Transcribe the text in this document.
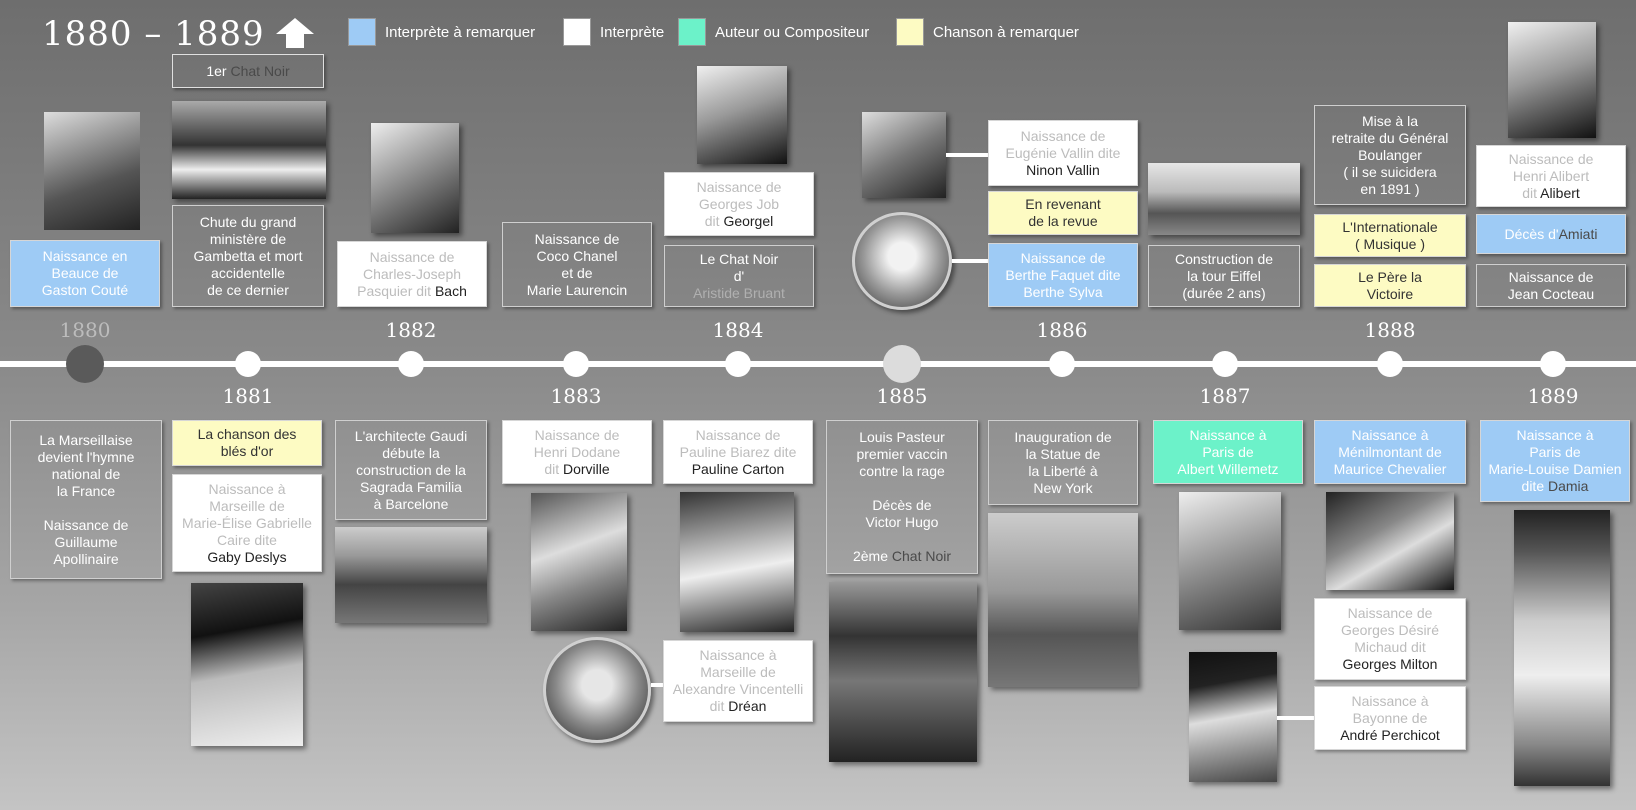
1880 – 1889	Interprète à remarquer	Interprète	Auteur ou Compositeur	Chanson à remarquer
Naissance en
Beauce de
Gaston Couté
1er Chat Noir
Chute du grand
ministère de
Gambetta et mort
accidentelle
de ce dernier
Naissance de
Charles-Joseph
Pasquier dit Bach
Naissance de
Coco Chanel
et de
Marie Laurencin
Naissance de
Georges Job
dit Georgel
Le Chat Noir
d'
Aristide Bruant
Naissance de
Eugénie Vallin dite
Ninon Vallin
En revenant
de la revue
Naissance de
Berthe Faquet dite
Berthe Sylva
Construction de
la tour Eiffel
(durée 2 ans)
Mise à la
retraite du Général
Boulanger
( il se suicidera
en 1891 )
L'Internationale
( Musique )
Le Père la
Victoire
Naissance de
Henri Alibert
dit Alibert
Décès d'Amiati
Naissance de
Jean Cocteau
1880
1881
1882
1883
1884
1885
1886
1887
1888
1889
La Marseillaise
devient l'hymne
national de
la France
Naissance de
Guillaume
Apollinaire
La chanson des
blés d'or
Naissance à
Marseille de
Marie-Élise Gabrielle
Caire dite
Gaby Deslys
L'architecte Gaudi
débute la
construction de la
Sagrada Familia
à Barcelone
Naissance de
Henri Dodane
dit Dorville
Naissance de
Pauline Biarez dite
Pauline Carton
Naissance à
Marseille de
Alexandre Vincentelli
dit Dréan
Louis Pasteur
premier vaccin
contre la rage
Décès de
Victor Hugo
2ème Chat Noir
Inauguration de
la Statue de
la Liberté à
New York
Naissance à
Paris de
Albert Willemetz
Naissance à
Ménilmontant de
Maurice Chevalier
Naissance de
Georges Désiré
Michaud dit
Georges Milton
Naissance à
Bayonne de
André Perchicot
Naissance à
Paris de
Marie-Louise Damien
dite Damia
